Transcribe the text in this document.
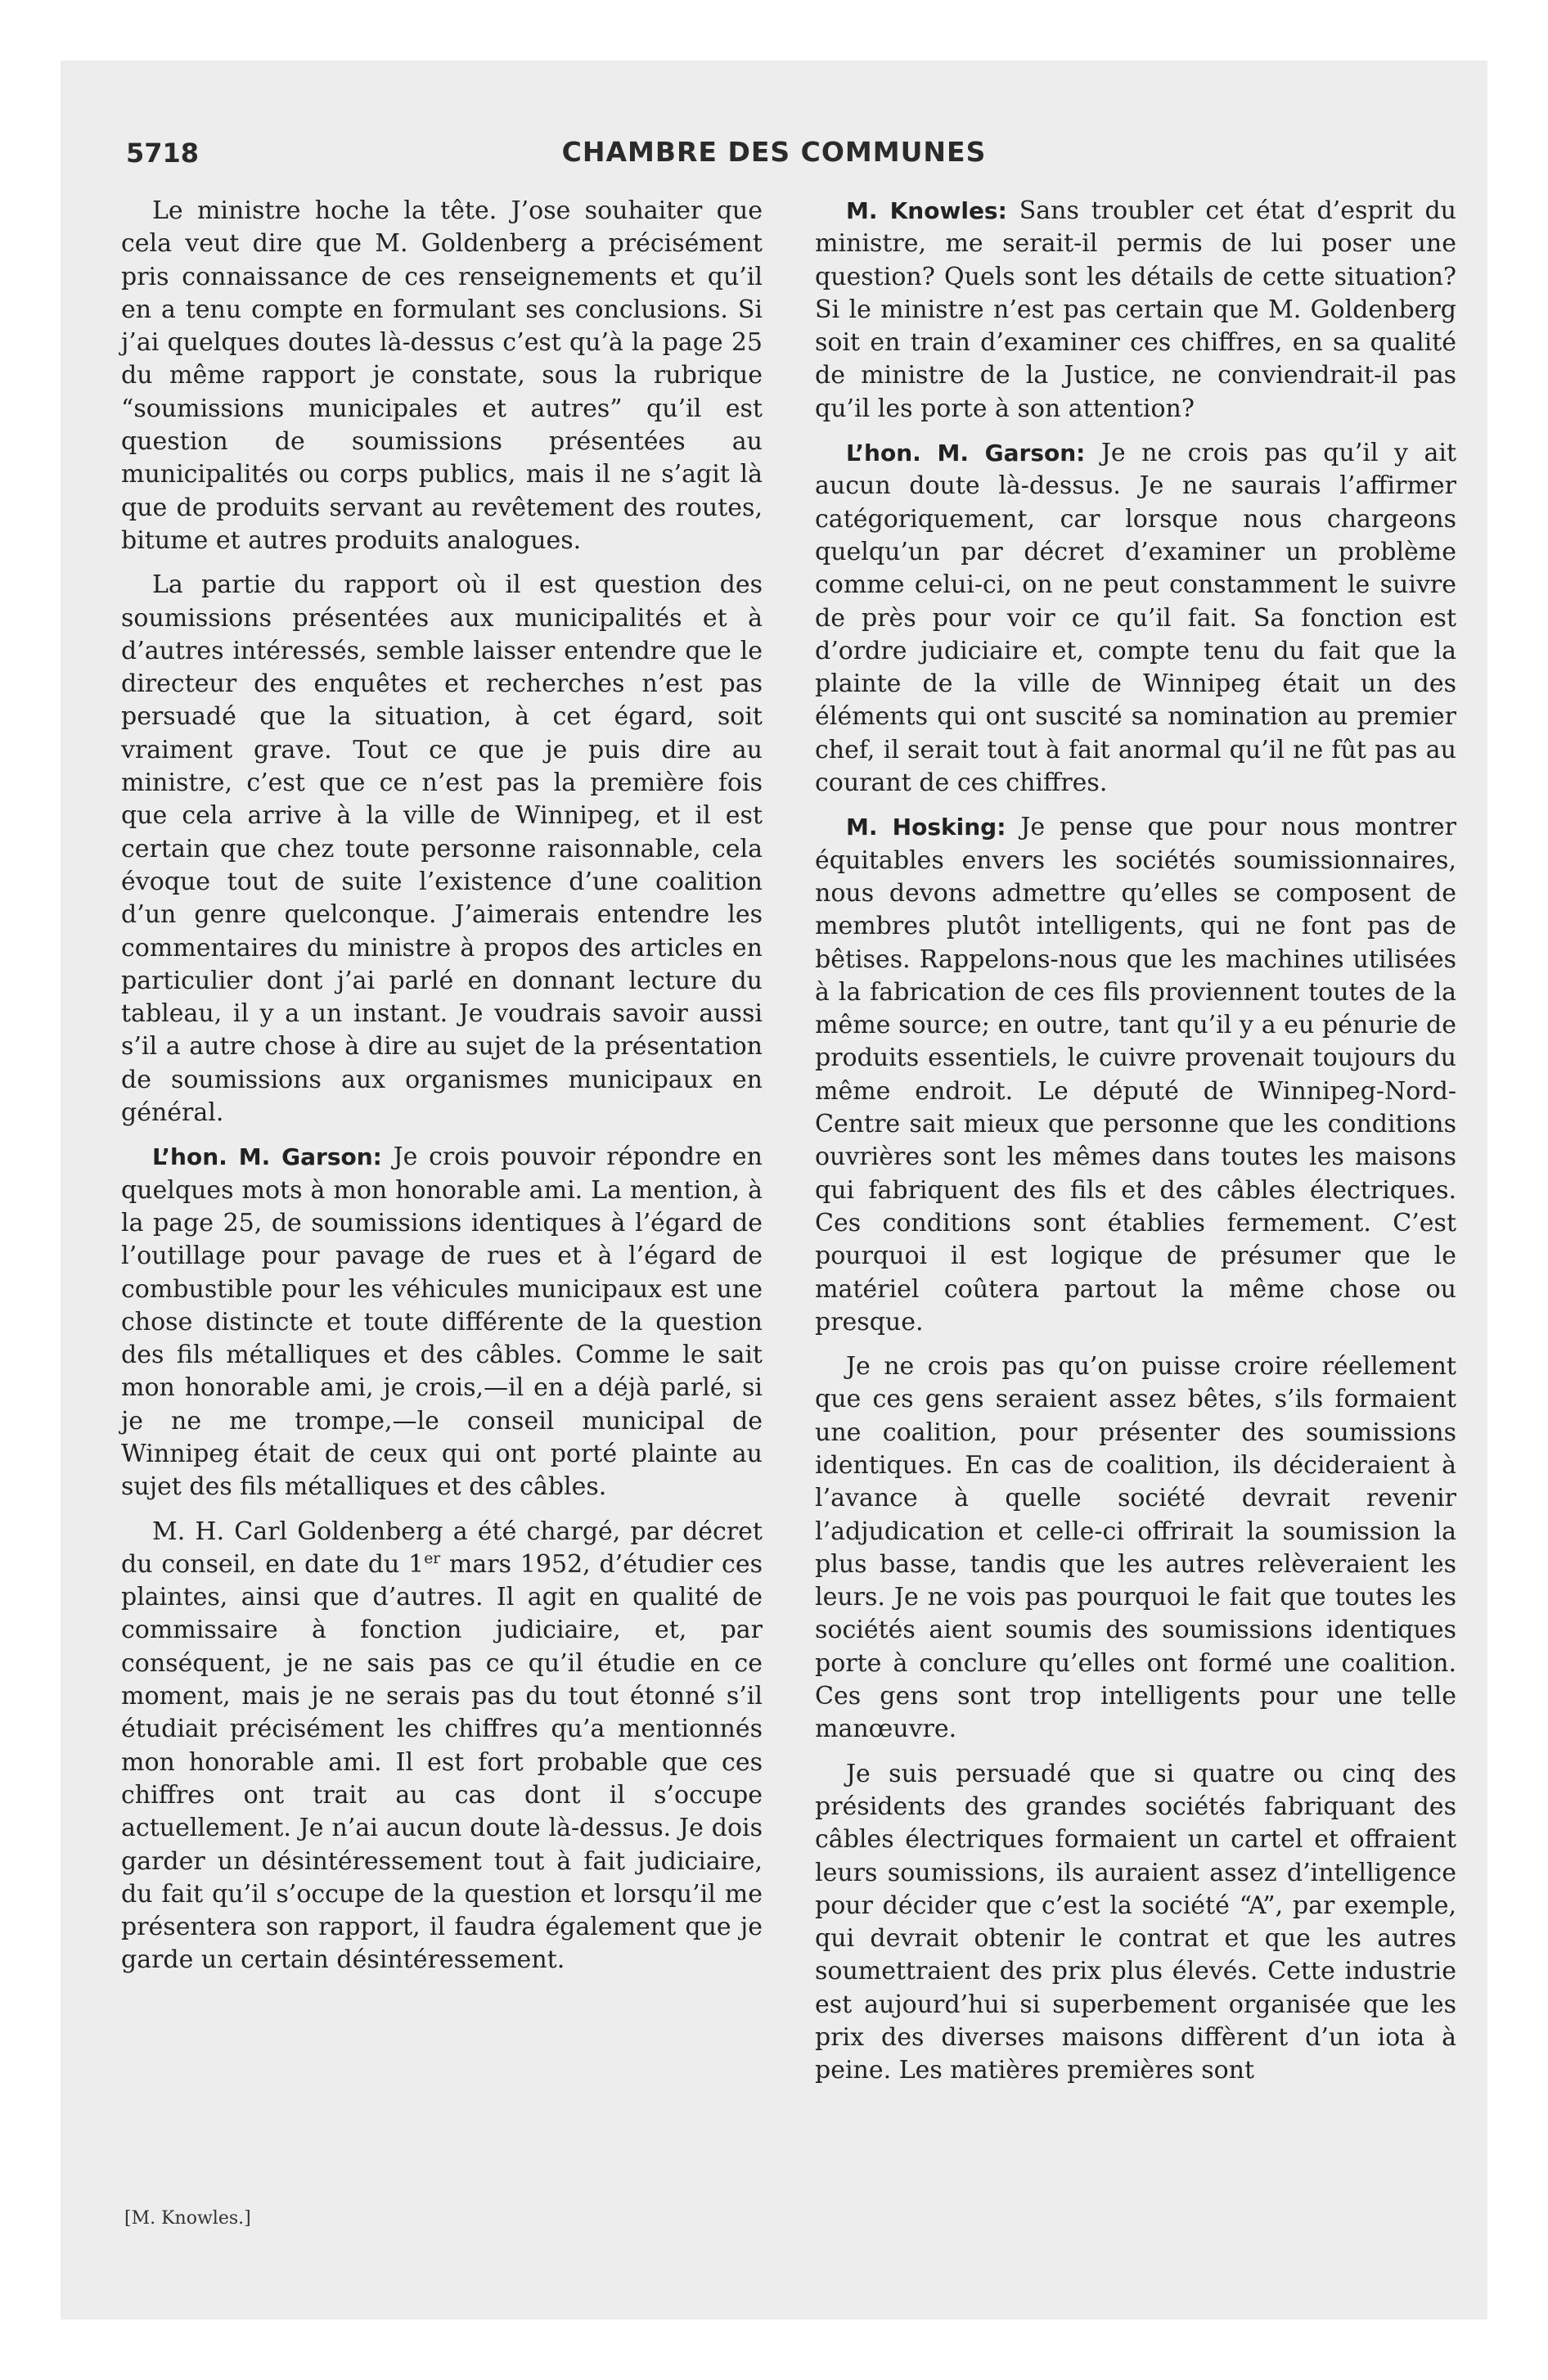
5718	CHAMBRE DES COMMUNES

Le ministre hoche la tête. J’ose souhaiter que cela veut dire que M. Goldenberg a précisément pris connaissance de ces renseignements et qu’il en a tenu compte en formulant ses conclusions. Si j’ai quelques doutes là-dessus c’est qu’à la page 25 du même rapport je constate, sous la rubrique “soumissions municipales et autres” qu’il est question de soumissions présentées au municipalités ou corps publics, mais il ne s’agit là que de produits servant au revêtement des routes, bitume et autres produits analogues.

La partie du rapport où il est question des soumissions présentées aux municipalités et à d’autres intéressés, semble laisser entendre que le directeur des enquêtes et recherches n’est pas persuadé que la situation, à cet égard, soit vraiment grave. Tout ce que je puis dire au ministre, c’est que ce n’est pas la première fois que cela arrive à la ville de Winnipeg, et il est certain que chez toute personne raisonnable, cela évoque tout de suite l’existence d’une coalition d’un genre quelconque. J’aimerais entendre les commentaires du ministre à propos des articles en particulier dont j’ai parlé en donnant lecture du tableau, il y a un instant. Je voudrais savoir aussi s’il a autre chose à dire au sujet de la présentation de soumissions aux organismes municipaux en général.

L’hon. M. Garson: Je crois pouvoir répondre en quelques mots à mon honorable ami. La mention, à la page 25, de soumissions identiques à l’égard de l’outillage pour pavage de rues et à l’égard de combustible pour les véhicules municipaux est une chose distincte et toute différente de la question des fils métalliques et des câbles. Comme le sait mon honorable ami, je crois,—il en a déjà parlé, si je ne me trompe,—le conseil municipal de Winnipeg était de ceux qui ont porté plainte au sujet des fils métalliques et des câbles.

M. H. Carl Goldenberg a été chargé, par décret du conseil, en date du 1er mars 1952, d’étudier ces plaintes, ainsi que d’autres. Il agit en qualité de commissaire à fonction judiciaire, et, par conséquent, je ne sais pas ce qu’il étudie en ce moment, mais je ne serais pas du tout étonné s’il étudiait précisément les chiffres qu’a mentionnés mon honorable ami. Il est fort probable que ces chiffres ont trait au cas dont il s’occupe actuellement. Je n’ai aucun doute là-dessus. Je dois garder un désintéressement tout à fait judiciaire, du fait qu’il s’occupe de la question et lorsqu’il me présentera son rapport, il faudra également que je garde un certain désintéressement.

M. Knowles: Sans troubler cet état d’esprit du ministre, me serait-il permis de lui poser une question? Quels sont les détails de cette situation? Si le ministre n’est pas certain que M. Goldenberg soit en train d’examiner ces chiffres, en sa qualité de ministre de la Justice, ne conviendrait-il pas qu’il les porte à son attention?

L’hon. M. Garson: Je ne crois pas qu’il y ait aucun doute là-dessus. Je ne saurais l’affirmer catégoriquement, car lorsque nous chargeons quelqu’un par décret d’examiner un problème comme celui-ci, on ne peut constamment le suivre de près pour voir ce qu’il fait. Sa fonction est d’ordre judiciaire et, compte tenu du fait que la plainte de la ville de Winnipeg était un des éléments qui ont suscité sa nomination au premier chef, il serait tout à fait anormal qu’il ne fût pas au courant de ces chiffres.

M. Hosking: Je pense que pour nous montrer équitables envers les sociétés soumissionnaires, nous devons admettre qu’elles se composent de membres plutôt intelligents, qui ne font pas de bêtises. Rappelons-nous que les machines utilisées à la fabrication de ces fils proviennent toutes de la même source; en outre, tant qu’il y a eu pénurie de produits essentiels, le cuivre provenait toujours du même endroit. Le député de Winnipeg-Nord-Centre sait mieux que personne que les conditions ouvrières sont les mêmes dans toutes les maisons qui fabriquent des fils et des câbles électriques. Ces conditions sont établies fermement. C’est pourquoi il est logique de présumer que le matériel coûtera partout la même chose ou presque.

Je ne crois pas qu’on puisse croire réellement que ces gens seraient assez bêtes, s’ils formaient une coalition, pour présenter des soumissions identiques. En cas de coalition, ils décideraient à l’avance à quelle société devrait revenir l’adjudication et celle-ci offrirait la soumission la plus basse, tandis que les autres relèveraient les leurs. Je ne vois pas pourquoi le fait que toutes les sociétés aient soumis des soumissions identiques porte à conclure qu’elles ont formé une coalition. Ces gens sont trop intelligents pour une telle manœuvre.

Je suis persuadé que si quatre ou cinq des présidents des grandes sociétés fabriquant des câbles électriques formaient un cartel et offraient leurs soumissions, ils auraient assez d’intelligence pour décider que c’est la société “A”, par exemple, qui devrait obtenir le contrat et que les autres soumettraient des prix plus élevés. Cette industrie est aujourd’hui si superbement organisée que les prix des diverses maisons diffèrent d’un iota à peine. Les matières premières sont

[M. Knowles.]
